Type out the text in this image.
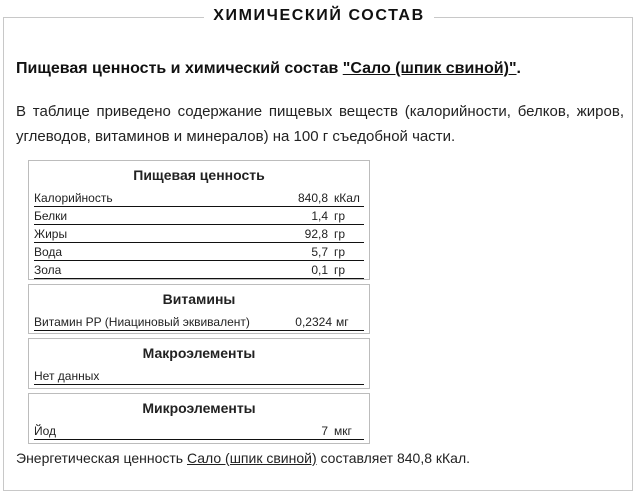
ХИМИЧЕСКИЙ СОСТАВ
Пищевая ценность и химический состав "Сало (шпик свиной)".
В таблице приведено содержание пищевых веществ (калорийности, белков, жиров, углеводов, витаминов и минералов) на 100 г съедобной части.
Пищевая ценность
Калорийность	840,8 кКал
Белки	1,4 гр
Жиры	92,8 гр
Вода	5,7 гр
Зола	0,1 гр
Витамины
Витамин PP (Ниациновый эквивалент)	0,2324 мг
Макроэлементы
Нет данных
Микроэлементы
Йод	7 мкг
Энергетическая ценность Сало (шпик свиной) составляет 840,8 кКал.
